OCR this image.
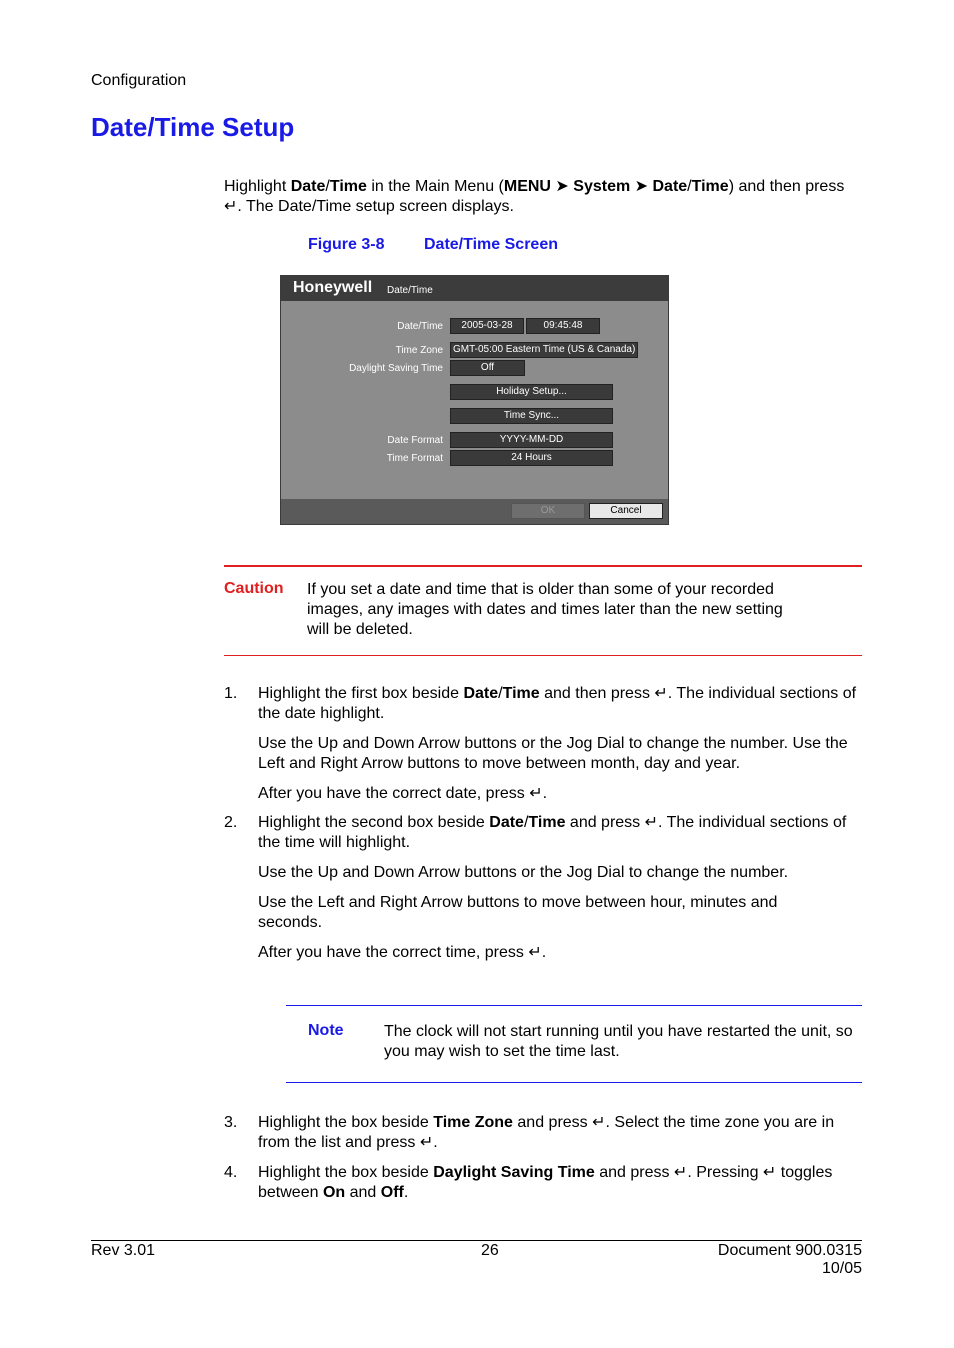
Configuration
Date/Time Setup
Highlight Date/Time in the Main Menu (MENU ➤ System ➤ Date/Time) and then press ↵. The Date/Time setup screen displays.
Figure 3-8 Date/Time Screen
Honeywell Date/Time
Date/Time	2005-03-28	09:45:48
Time Zone	GMT-05:00 Eastern Time (US & Canada)
Daylight Saving Time	Off
Holiday Setup...
Time Sync...
Date Format	YYYY-MM-DD
Time Format	24 Hours
OK	Cancel
Caution If you set a date and time that is older than some of your recorded images, any images with dates and times later than the new setting will be deleted.
1. Highlight the first box beside Date/Time and then press ↵. The individual sections of the date highlight.
Use the Up and Down Arrow buttons or the Jog Dial to change the number. Use the Left and Right Arrow buttons to move between month, day and year.
After you have the correct date, press ↵.
2. Highlight the second box beside Date/Time and press ↵. The individual sections of the time will highlight.
Use the Up and Down Arrow buttons or the Jog Dial to change the number.
Use the Left and Right Arrow buttons to move between hour, minutes and seconds.
After you have the correct time, press ↵.
Note	The clock will not start running until you have restarted the unit, so you may wish to set the time last.
3. Highlight the box beside Time Zone and press ↵. Select the time zone you are in from the list and press ↵.
4. Highlight the box beside Daylight Saving Time and press ↵. Pressing ↵ toggles between On and Off.
Rev 3.01	26	Document 900.0315
10/05
